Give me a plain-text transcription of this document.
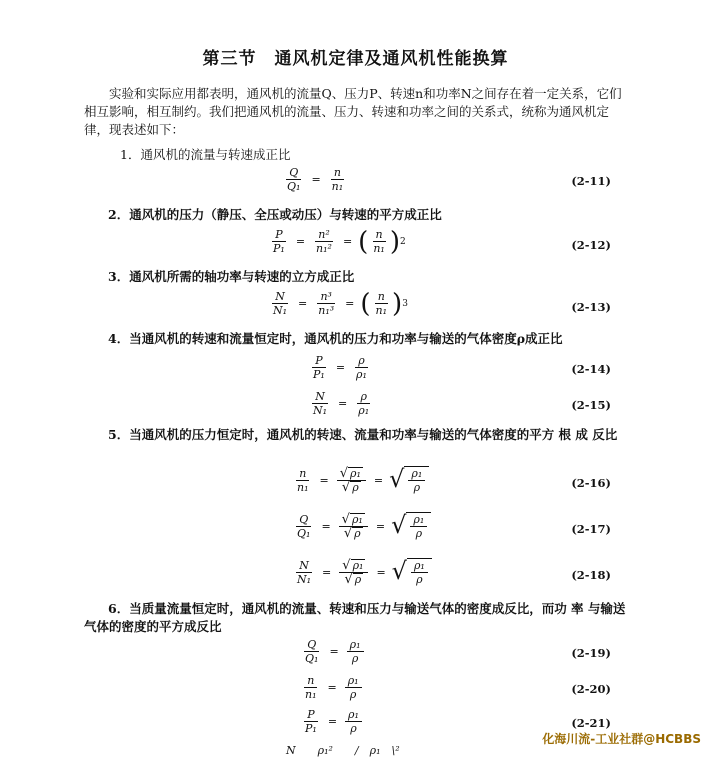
第三节　通风机定律及通风机性能换算
实验和实际应用都表明，通风机的流量Q、压力P、转速n和功率N之间存在着一定关系，它们相互影响，相互制约。我们把通风机的流量、压力、转速和功率之间的关系式，统称为通风机定律，现表述如下：
1．通风机的流量与转速成正比
$\frac{Q}{\text{Q₁}} = \frac{n}{\text{n₁}}$	(2-11)
2．通风机的压力（静压、全压或动压）与转速的平方成正比
$\frac{P}{\text{P₁}} = \frac{\text{n²}}{\text{n₁²}}$ = ( $\frac{n}{\text{n₁}}$ ) 2	(2-12)
3．通风机所需的轴功率与转速的立方成正比
$\frac{N}{\text{N₁}} = \frac{\text{n³}}{\text{n₁³}}$ = ( $\frac{n}{\text{n₁}}$ ) 3	(2-13)
4．当通风机的转速和流量恒定时，通风机的压力和功率与输送的气体密度ρ成正比
$\frac{P}{\text{P₁}} = \frac{\rho}{\text{ρ₁}}$	(2-14)
$\frac{N}{\text{N₁}} = \frac{\rho}{\text{ρ₁}}$	(2-15)
5．当通风机的压力恒定时，通风机的转速、流量和功率与输送的气体密度的平方 根 成 反比
$\frac{n}{\text{n₁}} = \frac{\text{√ ρ₁}}{√ \rho}$ = √ $\frac{\text{ρ₁}}{\rho}$	(2-16)
$\frac{Q}{\text{Q₁}} = \frac{\text{√ ρ₁}}{√ \rho}$ = √ $\frac{\text{ρ₁}}{\rho}$	(2-17)
$\frac{N}{\text{N₁}} = \frac{\text{√ ρ₁}}{√ \rho}$ = √ $\frac{\text{ρ₁}}{\rho}$	(2-18)
6．当质量流量恒定时，通风机的流量、转速和压力与输送气体的密度成反比，而功 率 与输送气体的密度的平方成反比
$\frac{Q}{\text{Q₁}} = \frac{\text{ρ₁}}{\rho}$	(2-19)
$\frac{n}{\text{n₁}} = \frac{\text{ρ₁}}{\rho}$	(2-20)
$\frac{P}{\text{P₁}} = \frac{\text{ρ₁}}{\rho}$	(2-21)
N　　ρ₁²　　/　ρ₁　\²
化海川流-工业社群@HCBBS
